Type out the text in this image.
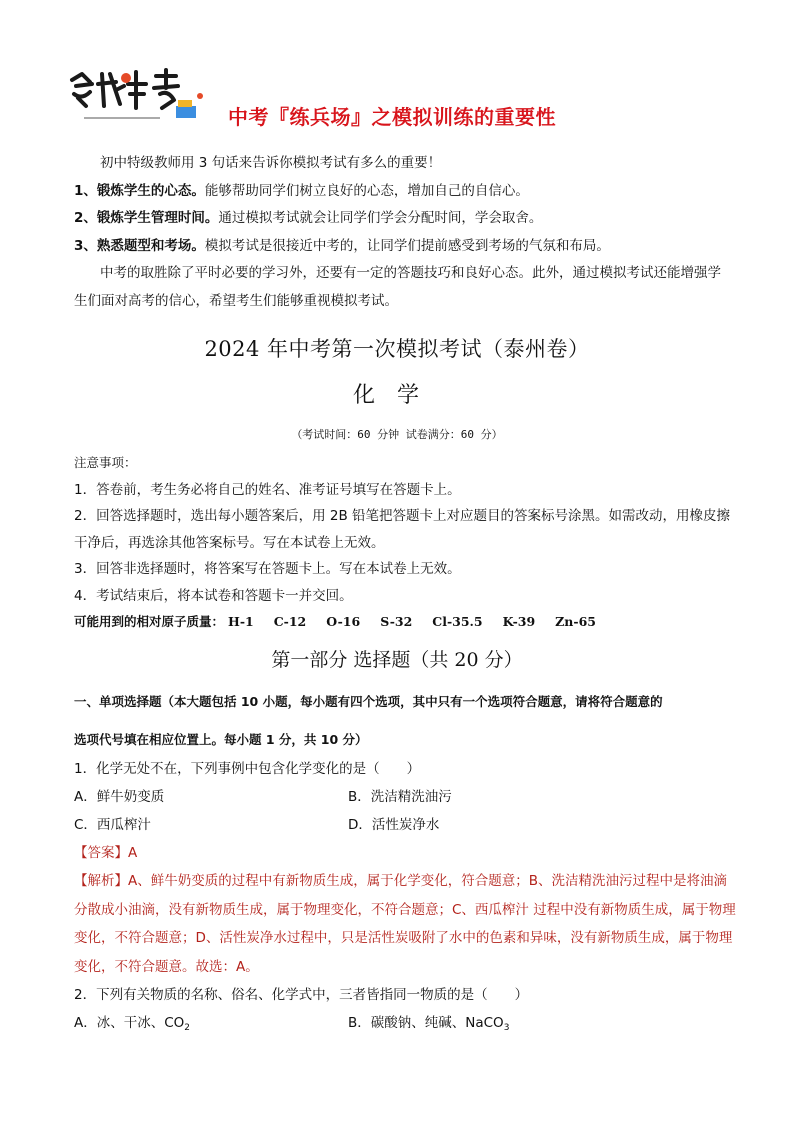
中考『练兵场』之模拟训练的重要性
初中特级教师用 3 句话来告诉你模拟考试有多么的重要！
1、锻炼学生的心态。能够帮助同学们树立良好的心态，增加自己的自信心。
2、锻炼学生管理时间。通过模拟考试就会让同学们学会分配时间，学会取舍。
3、熟悉题型和考场。模拟考试是很接近中考的，让同学们提前感受到考场的气氛和布局。
中考的取胜除了平时必要的学习外，还要有一定的答题技巧和良好心态。此外，通过模拟考试还能增强学生们面对高考的信心，希望考生们能够重视模拟考试。
2024 年中考第一次模拟考试（泰州卷）
化学
（考试时间：60 分钟 试卷满分：60 分）
注意事项：
1．答卷前，考生务必将自己的姓名、准考证号填写在答题卡上。
2．回答选择题时，选出每小题答案后，用 2B 铅笔把答题卡上对应题目的答案标号涂黑。如需改动，用橡皮擦干净后，再选涂其他答案标号。写在本试卷上无效。
3．回答非选择题时，将答案写在答题卡上。写在本试卷上无效。
4．考试结束后，将本试卷和答题卡一并交回。
可能用到的相对原子质量： H-1 C-12 O-16 S-32 Cl-35.5 K-39 Zn-65
第一部分 选择题（共 20 分）
一、单项选择题（本大题包括 10 小题，每小题有四个选项，其中只有一个选项符合题意，请将符合题意的
选项代号填在相应位置上。每小题 1 分，共 10 分）
1．化学无处不在，下列事例中包含化学变化的是（　　）
A．鲜牛奶变质	B．洗洁精洗油污
C．西瓜榨汁	D．活性炭净水
【答案】A
【解析】A、鲜牛奶变质的过程中有新物质生成，属于化学变化，符合题意；B、洗洁精洗油污过程中是将油滴分散成小油滴，没有新物质生成，属于物理变化，不符合题意；C、西瓜榨汁 过程中没有新物质生成，属于物理变化，不符合题意；D、活性炭净水过程中，只是活性炭吸附了水中的色素和异味，没有新物质生成，属于物理变化，不符合题意。故选：A。
2．下列有关物质的名称、俗名、化学式中，三者皆指同一物质的是（　　）
A．冰、干冰、$CO_2$	B．碳酸钠、纯碱、NaCO$_3$
